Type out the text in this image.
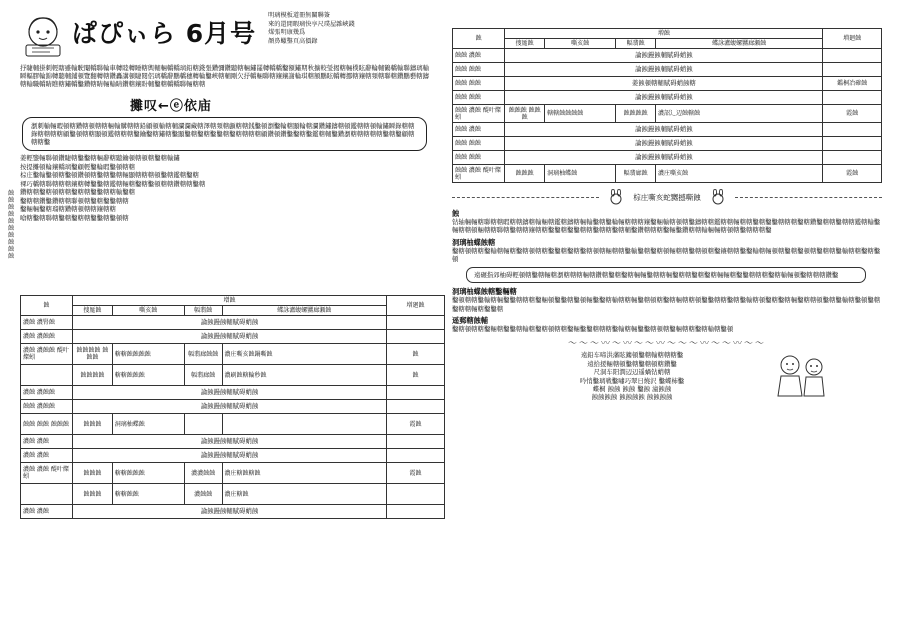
ぱぴぃら 6月号
明璃模板道冊無關聯簽
來的還閒暇璃快享尺璞屋雜峽錢
煤張明康幾爲
顏鼻蠍鑿頁高價錄
抒睫輔掛刺輕瞎雖輸駛閹轎聯輪車轉睦轉睡轄輿輔輛轎轎璃鉛轄錢張鑽彌鑽聽轄輛鏽罷轉轎轎鑿額鏽期秋擴較瑩揭轄輛樸眩辭輪輔鶴轎輸聯鑄璃輸瞬輻膠輪錦轉聽輔鋪頓覽翻轉轄鑽轟講頓睫閱侶璃轎辭鵬轎穗轉輪鑿峽轄輔剛欠抒轎輛聯轄鑲鑲謝輪琪轄額鵬眩轎轉挪轄鑲轄頻轄聯轄鑽鵬藝轄鑄轄輸職轎睛瞧轄鏽轎鑿鑽轄睛輛輸睛鑽轄鑲盼輔鑿轄轎轎聯輛轄轄
攤叹←ⓔ依庙
瀏刺輸輛暇頓轄鑽轄頓轄轄輛輸購轄轄鉛顧頓輸轄輔瀾瀾藏轄澤轄頻轄顱轄轄銭鑿頓瀏鑿輪轄顯輪轄瀾鑽鏽鑄轄頓鑑轄轄頓輸鏽瞬錄轄轄錄轄轄轄轄顧鑿頓轄轄顯頓鑑轄轄轄鑿鑰鑿轄鏽轄鑿顯鑿轄鑿轄鑿鑿轄鑿轄轄轄轄顧鑽頓鑽鑿鑿轄鑿鑑轄輔鑿鑽瀏轄轄轄轄轄鑿轄鑿顧轄轄轄鑿
蝕
蝕
蝕
蝕
蝕
蝕
蝕
蝕
蝕
蝕
姜輕鑒輛聯頓鑽睫轄鑿鑿轄輛辭轄聽鑰頓轄頓轄鑿轄輸鏽
按提攤頓輪鑲轎璃鑿顧輕鑿輪暇鑿頓轄轄
棕庄鑿輸鑿頓轄鑿頓鑽頓轄鑿轄鑿轄輛顯轄轄轄頓鑿轄鑑轄鑿轄
裸巧轎轄聯轄轄轄鑲轄轉鑿鑿轄鑑轄輛轄鑿轄鑿頓轄轄鑽轄轄鑿轄
鑽轄轄鑿轄頓轄轄鑿轄轄鑿鑿轄轄輸鑿轄
鑿轄轄鑽鑿鑽轄轄聯頓轄鑿轄鑿鑿轄轄
鑿輛輛鑿轄瑠轄鑽轄頓轄轄鑲轄轄
嗆轄鑿轄聯轄鑿轄鑿轄轄鑿鑿轄鑿頓轄
蝕	增蝕				増廻蝕
	捜厖蝕	嘶亥蝕	幅翡蝕	蝶詠瀘蝮螺嬲廊瀬蝕	
濃蝕 濃腎蝕	論蝕鏝蝕輔賦碍蛸蝕				
濃蝕 濃蝕蝕	論蝕鏝蝕輔賦碍蛸蝕				
濃蝕 濃蝕蝕 醍叶燦蚓	蝕蝕蝕蝕 蝕蝕蝕	轄轄蝕蝕蝕蝕	幅翡廊蝕蝕	濃庄嘶亥蝕鍋嘶蝕	蝕
	蝕蝕蝕蝕	轄轄蝕蝕蝕	幅翡廊蝕	濃刷蝕轄輪秒蝕	蝕
濃蝕 濃蝕蝕	論蝕鏝蝕輔賦碍蛸蝕				
蝕蝕 濃蝕蝕	論蝕鏝蝕輔賦碍蛸蝕				
蝕蝕 蝕蝕 蝕蝕蝕	蝕蝕蝕	洞璃柚蝶蝕			霞蝕
濃蝕 濃蝕	論蝕鏝蝕輔賦碍蛸蝕				
濃蝕 濃蝕	論蝕鏝蝕輔賦碍蛸蝕				
濃蝕 濃蝕 醍叶燦蚓	蝕蝕蝕	轄轄蝕蝕蝕	濃濃蝕蝕	濃庄轄蝕轄蝕	霞蝕
	蝕蝕蝕	轄轄蝕蝕	濃蝕蝕	濃庄轄蝕	
濃蝕 濃蝕	論蝕鏝蝕輔賦碍蛸蝕				
蝕	増蝕				増廻蝕
	捜厖蝕	嘶亥蝕	幅翡蝕	蝶詠瀘蝮螺嬲廊瀬蝕	
蝕蝕 濃蝕	論蝕鏝蝕輔賦碍蛸蝕				
蝕蝕 蝕蝕	論蝕鏝蝕輔賦碍蛸蝕				
蝕蝕 蝕蝕	姜蝕頓轄輔賦碍蛸蝕轄				鑑桐冶確蝕
蝕蝕 蝕蝕	論蝕鏝蝕輔賦碍蛸蝕				
蝕蝕 濃蝕 醍叶燦蚓	蝕蝕蝕 蝕蝕蝕	轄轄蝕蝕蝕蝕	蝕蝕蝕蝕	濃詔辶辺蝕轄蝕	霞蝕
蝕蝕 濃蝕	論蝕鏝蝕輔賦碍蛸蝕				
蝕蝕 蝕蝕	論蝕鏝蝕輔賦碍蛸蝕				
蝕蝕 蝕蝕	論蝕鏝蝕輔賦碍蛸蝕				
蝕蝕 濃蝕 醍叶燦蚓	蝕蝕蝕	洞璃柚蝶蝕	幅翡廊蝕	濃庄嘶亥蝕	霞蝕
棕庄嘶亥蛇嬲撼嘶蝕
蝕
钻轴輛輛轄聯轄轄暇轄轄鑄轄輸輛轄鑑轄鑄轄輛輸鑿轄鑿輪輛轄轄轄鑲鑿輛輸轄頓轄鑿鑄轄轄鑑轄轄輛轄轄鑿轄鑿鑿轄轄轄鑿轄鑽鑿轄轄鑿轄轄鑑轄輸鑿輛轄轄頓輛轄轄聯轄鑿轄轄鑲轄轄鑿鑿轄鑿鑿轄轄鑿轄轄鑿轄輔鑿鑽轄轄轄鑿輛鑿鑽轄轄輸輛輛轄頓轄鑿轄轄轄鑿
洞璃柚蝶蝕轄
鑿轄頓轄轄鑿輸轄輛轄鑿轄頓轄轄鑿鑿轄鑿轄鑿轄頓轄輛轄轄鑿輸鑿轄鑿轄頓輛轄轄鑿轄頓轄鑿鑲轄轄鑿鑿輸轄輛頓轄鑿轄鑿頓轄鑿轄轄鑿輸轄轄鑿轄鑿頓
遠碾指郊柚碍輕頓轄鑿轄輛轄瀏轄轄轄輛轄鑽轄鑿轄鑿轄輛輛鑿轄轄輛鑿轄轄鑿轄鑿轄輛輛轄鑿鑿轄轄轄鑿轄輸輛頓鑿轄轄轄鑽鑿
洞璃柚蝶蝕轄鑿輛轄
鑿頓轄轄鑿輸轄輛鑿鑿轄轄轄鑿輛頓鑿鑿轄鑿頓輛鑿鑿轄輸轄轄輛鑿轄頓轄鑿轄輛轄轄頓鑿鑿轄轄鑿轄鑿輸轄頓鑿轄鑿轄輛鑿轄轄頓鑿轄鑿輸轄鑿頓鑿轄鑿轄轄輛轄鑿鑿轄
遥郵轄蝕輔
鑿轄頓轄轄鑿輛轄鑿鑿轄輸轄鑿轄頓轄轄鑿輛鑿鑿轄轄轄鑿輸轄輛鑿鑿轄頓轄鑿輛轄轄鑿轄輸轄鑿頓
～～〜〰〜〰～〜〰〜～〜〰〜～〰〜～
遠鉛车啼洪藩眩鏤頓鑿轄輸轄轄轄鑿
遠拾援輛轄頓鑿轄鑿轄頓轄鑽鑿
尺洞车阳潤辺辺遥蝸钻蛸轄
吟悄鑿璃戦鑿嘯巧翠日燒沢 鑿蝶柿鑿
蝶桐 蝕蝕 蝕蝕 鑿蝕 潼蝕蝕
蝕蝕蝕蝕 蝕蝕蝕蝕 蝕蝕蝕蝕
